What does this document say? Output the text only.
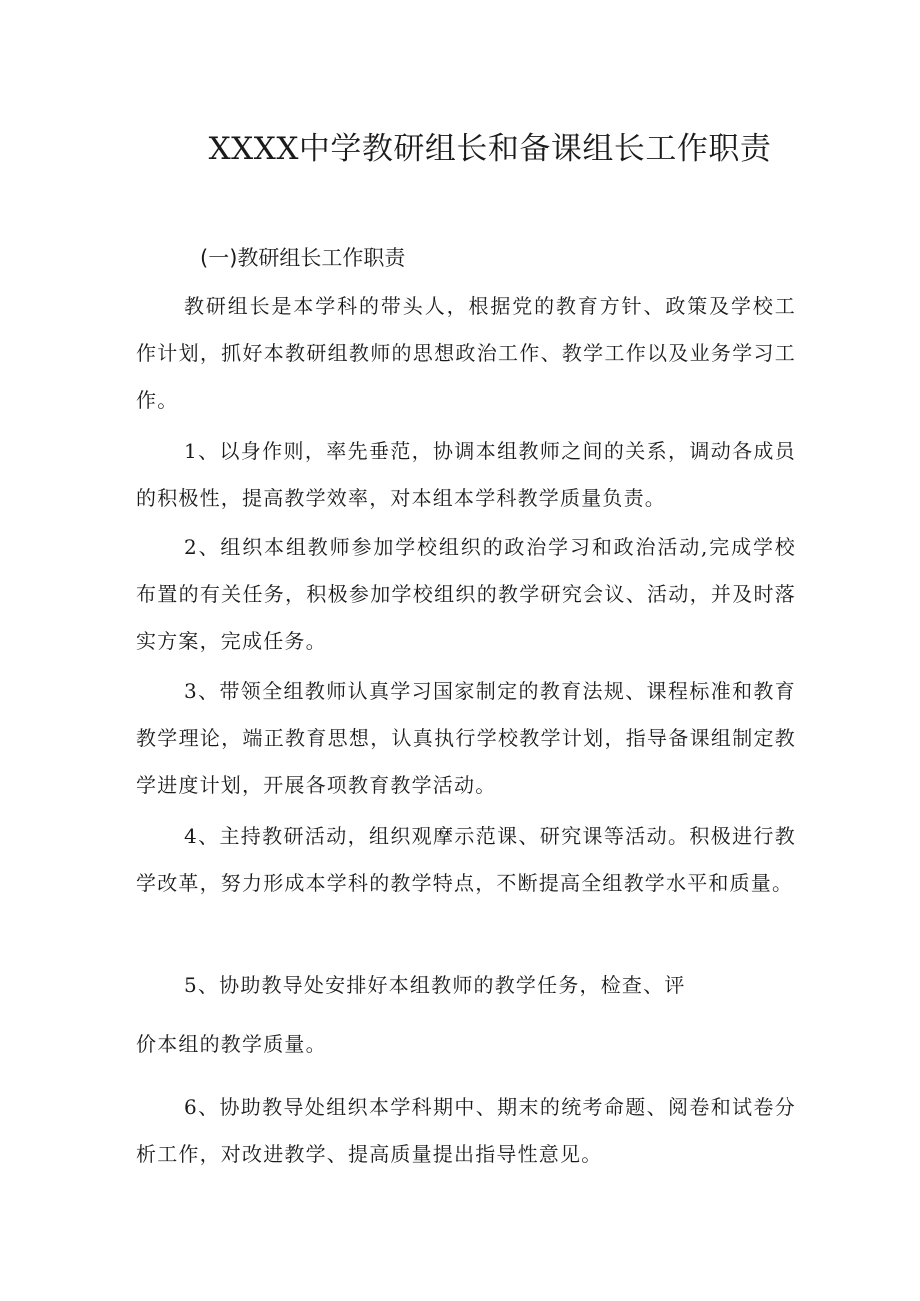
XXXX中学教研组长和备课组长工作职责
(一)教研组长工作职责

教研组长是本学科的带头人，根据党的教育方针、政策及学校工作计划，抓好本教研组教师的思想政治工作、教学工作以及业务学习工作。

1、以身作则，率先垂范，协调本组教师之间的关系，调动各成员的积极性，提高教学效率，对本组本学科教学质量负责。

2、组织本组教师参加学校组织的政治学习和政治活动,完成学校布置的有关任务，积极参加学校组织的教学研究会议、活动，并及时落实方案，完成任务。

3、带领全组教师认真学习国家制定的教育法规、课程标准和教育教学理论，端正教育思想，认真执行学校教学计划，指导备课组制定教学进度计划，开展各项教育教学活动。

4、主持教研活动，组织观摩示范课、研究课等活动。积极进行教学改革，努力形成本学科的教学特点，不断提高全组教学水平和质量。

5、协助教导处安排好本组教师的教学任务，检查、评
价本组的教学质量。

6、协助教导处组织本学科期中、期末的统考命题、阅卷和试卷分析工作，对改进教学、提高质量提出指导性意见。
